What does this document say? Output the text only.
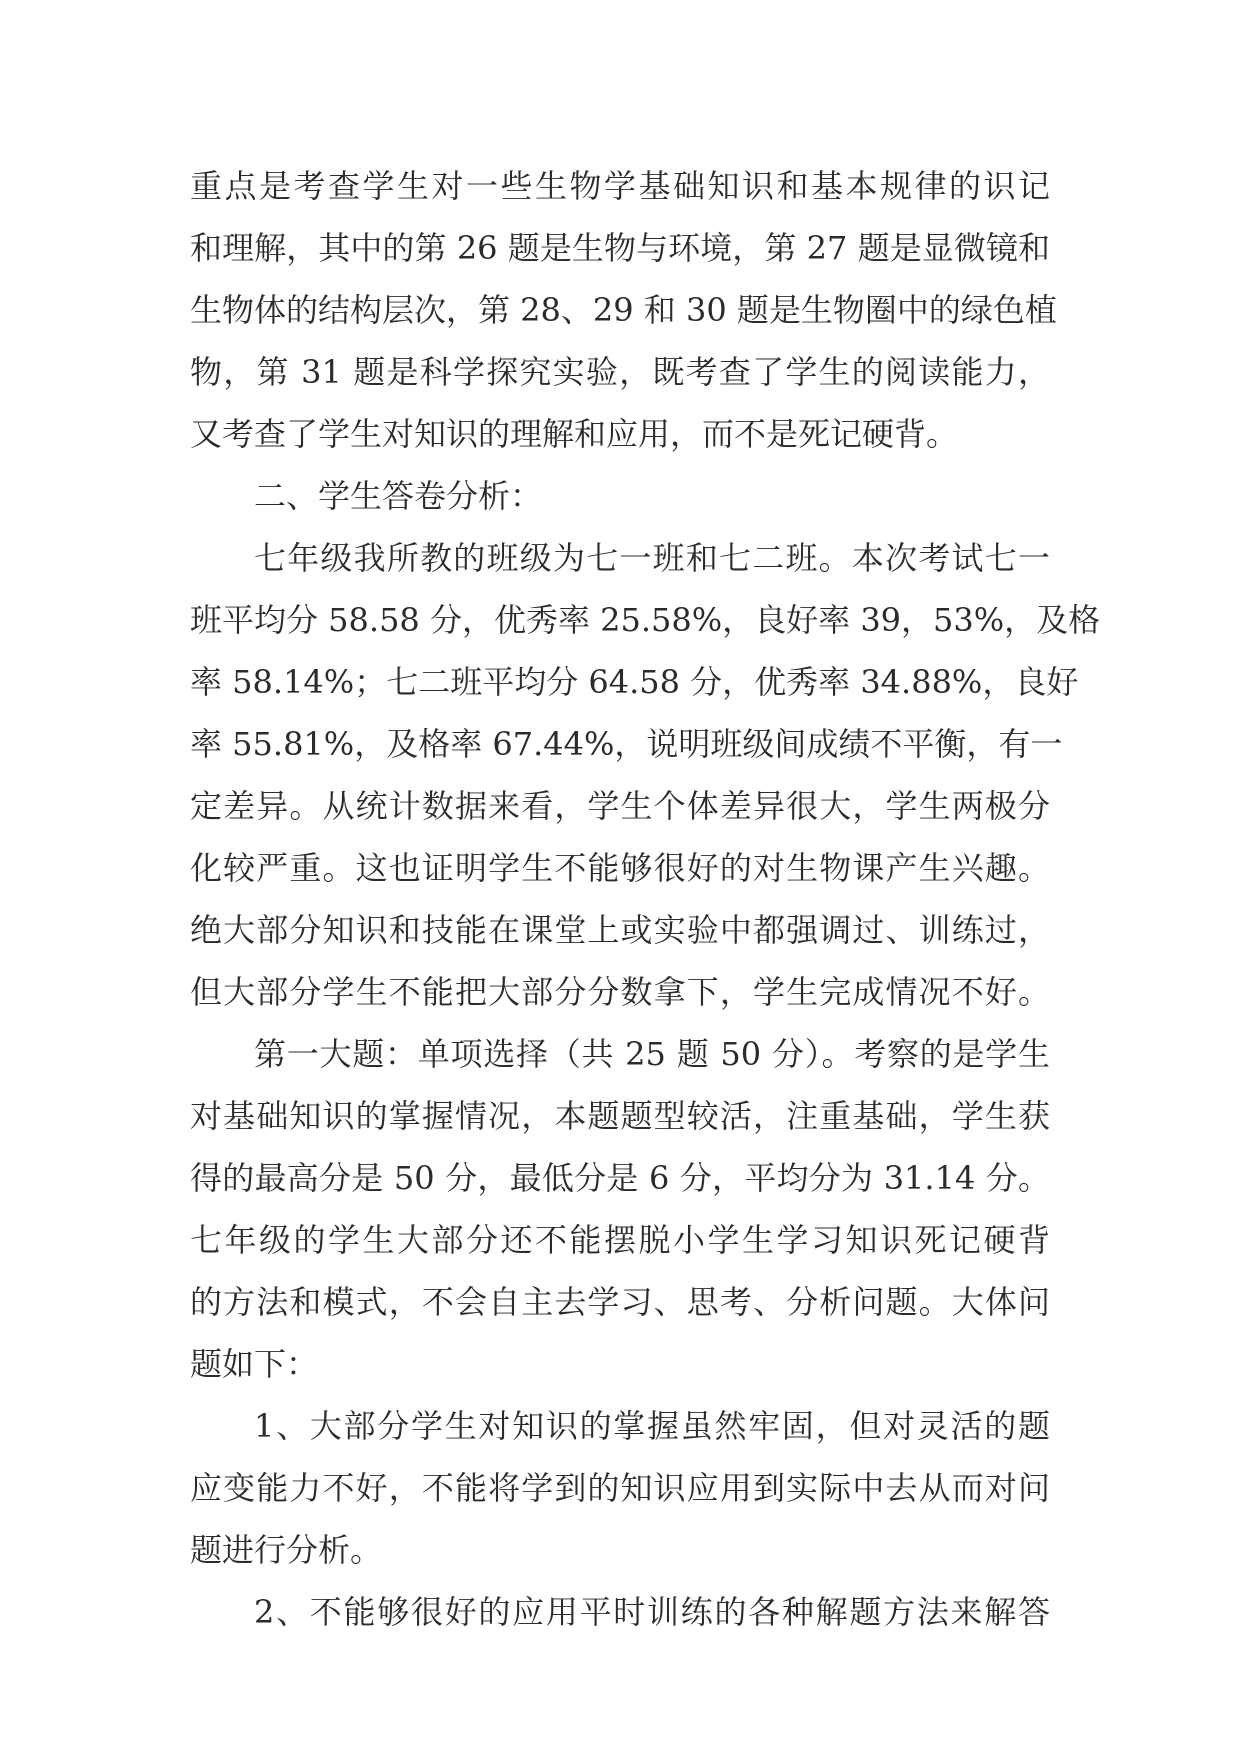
重点是考查学生对一些生物学基础知识和基本规律的识记
和理解，其中的第 26 题是生物与环境，第 27 题是显微镜和
生物体的结构层次，第 28、29 和 30 题是生物圈中的绿色植
物，第 31 题是科学探究实验，既考查了学生的阅读能力，
又考查了学生对知识的理解和应用，而不是死记硬背。
二、学生答卷分析：
七年级我所教的班级为七一班和七二班。本次考试七一
班平均分 58.58 分，优秀率 25.58%，良好率 39，53%，及格
率 58.14%；七二班平均分 64.58 分，优秀率 34.88%，良好
率 55.81%，及格率 67.44%，说明班级间成绩不平衡，有一
定差异。从统计数据来看，学生个体差异很大，学生两极分
化较严重。这也证明学生不能够很好的对生物课产生兴趣。
绝大部分知识和技能在课堂上或实验中都强调过、训练过，
但大部分学生不能把大部分分数拿下，学生完成情况不好。
第一大题：单项选择（共 25 题 50 分）。考察的是学生
对基础知识的掌握情况，本题题型较活，注重基础，学生获
得的最高分是 50 分，最低分是 6 分，平均分为 31.14 分。
七年级的学生大部分还不能摆脱小学生学习知识死记硬背
的方法和模式，不会自主去学习、思考、分析问题。大体问
题如下：
1、大部分学生对知识的掌握虽然牢固，但对灵活的题
应变能力不好，不能将学到的知识应用到实际中去从而对问
题进行分析。
2、不能够很好的应用平时训练的各种解题方法来解答
